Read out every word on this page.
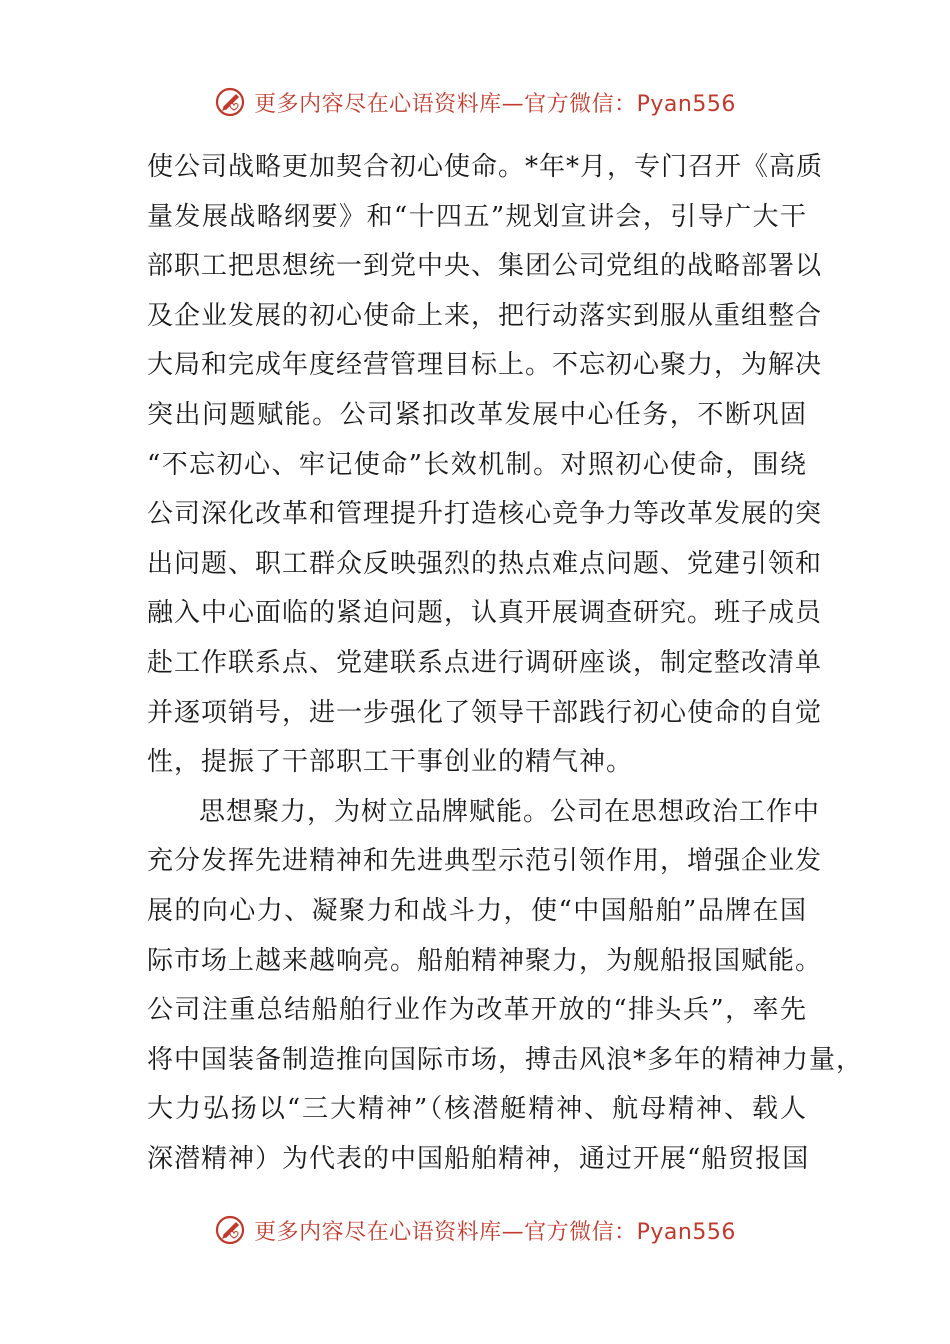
更多内容尽在心语资料库—官方微信：Pyan556
使公司战略更加契合初心使命。*年*月，专门召开《高质
量发展战略纲要》和“十四五”规划宣讲会，引导广大干
部职工把思想统一到党中央、集团公司党组的战略部署以
及企业发展的初心使命上来，把行动落实到服从重组整合
大局和完成年度经营管理目标上。不忘初心聚力，为解决
突出问题赋能。公司紧扣改革发展中心任务，不断巩固
“不忘初心、牢记使命”长效机制。对照初心使命，围绕
公司深化改革和管理提升打造核心竞争力等改革发展的突
出问题、职工群众反映强烈的热点难点问题、党建引领和
融入中心面临的紧迫问题，认真开展调查研究。班子成员
赴工作联系点、党建联系点进行调研座谈，制定整改清单
并逐项销号，进一步强化了领导干部践行初心使命的自觉
性，提振了干部职工干事创业的精气神。
思想聚力，为树立品牌赋能。公司在思想政治工作中
充分发挥先进精神和先进典型示范引领作用，增强企业发
展的向心力、凝聚力和战斗力，使“中国船舶”品牌在国
际市场上越来越响亮。船舶精神聚力，为舰船报国赋能。
公司注重总结船舶行业作为改革开放的“排头兵”，率先
将中国装备制造推向国际市场，搏击风浪*多年的精神力量，
大力弘扬以“三大精神”（核潜艇精神、航母精神、载人
深潜精神）为代表的中国船舶精神，通过开展“船贸报国
更多内容尽在心语资料库—官方微信：Pyan556
